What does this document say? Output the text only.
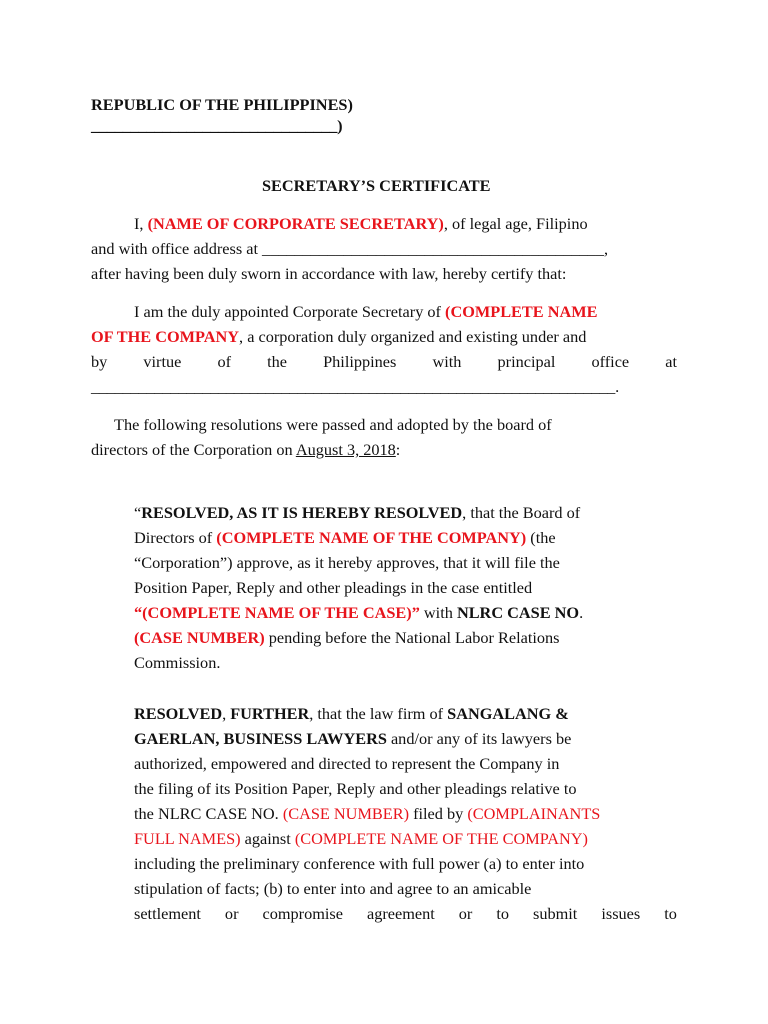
REPUBLIC OF THE PHILIPPINES)
_______________________________)
SECRETARY’S CERTIFICATE
I, (NAME OF CORPORATE SECRETARY), of legal age, Filipino
and with office address at __________________________________________,
after having been duly sworn in accordance with law, hereby certify that:
I am the duly appointed Corporate Secretary of (COMPLETE NAME
OF THE COMPANY, a corporation duly organized and existing under and
by virtue of the Philippines with principal office at
__________________________________________________________________.
The following resolutions were passed and adopted by the board of
directors of the Corporation on August 3, 2018:
“RESOLVED, AS IT IS HEREBY RESOLVED, that the Board of
Directors of (COMPLETE NAME OF THE COMPANY) (the
“Corporation”) approve, as it hereby approves, that it will file the
Position Paper, Reply and other pleadings in the case entitled
“(COMPLETE NAME OF THE CASE)” with NLRC CASE NO.
(CASE NUMBER) pending before the National Labor Relations
Commission.
RESOLVED, FURTHER, that the law firm of SANGALANG &
GAERLAN, BUSINESS LAWYERS and/or any of its lawyers be
authorized, empowered and directed to represent the Company in
the filing of its Position Paper, Reply and other pleadings relative to
the NLRC CASE NO. (CASE NUMBER) filed by (COMPLAINANTS
FULL NAMES) against (COMPLETE NAME OF THE COMPANY)
including the preliminary conference with full power (a) to enter into
stipulation of facts; (b) to enter into and agree to an amicable
settlement or compromise agreement or to submit issues to
